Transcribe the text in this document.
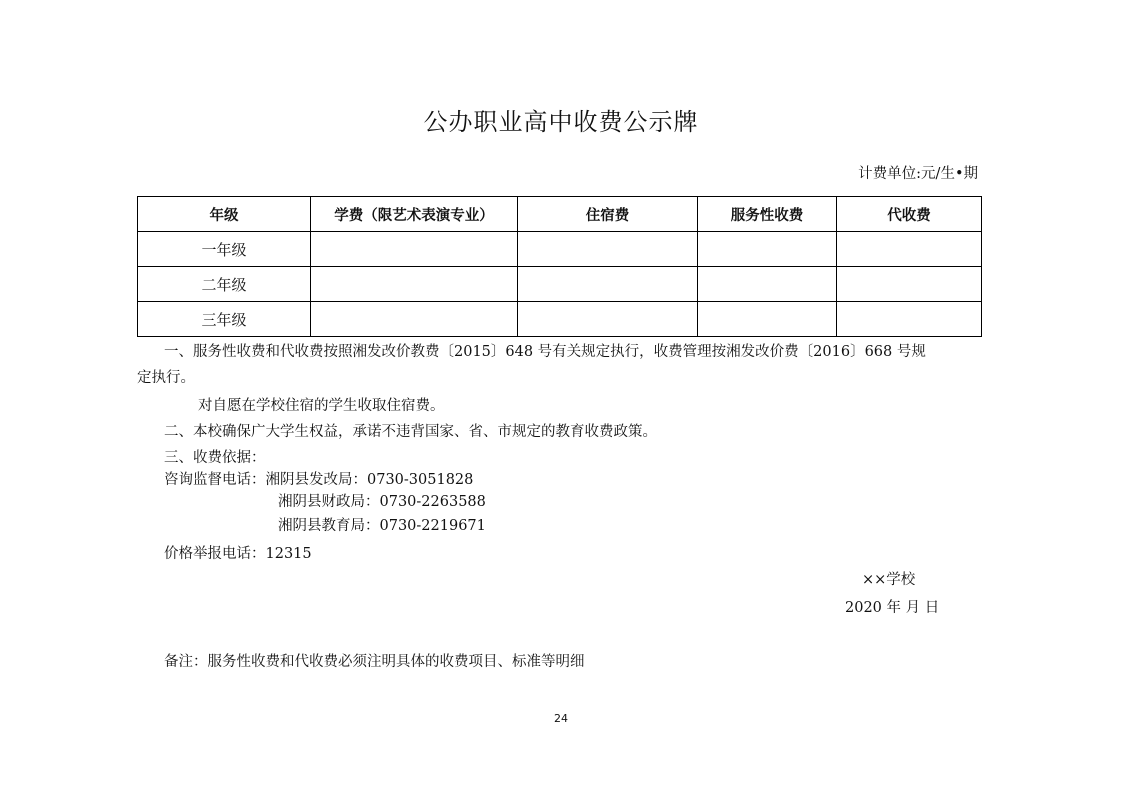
公办职业高中收费公示牌
计费单位:元/生•期
年级	学费（限艺术表演专业）	住宿费	服务性收费	代收费
一年级				
二年级				
三年级				
一、服务性收费和代收费按照湘发改价教费〔2015〕648 号有关规定执行，收费管理按湘发改价费〔2016〕668 号规
定执行。
对自愿在学校住宿的学生收取住宿费。
二、本校确保广大学生权益，承诺不违背国家、省、市规定的教育收费政策。
三、收费依据：
咨询监督电话：湘阴县发改局：0730-3051828
湘阴县财政局：0730-2263588
湘阴县教育局：0730-2219671
价格举报电话：12315
××学校
2020 年 月 日
备注：服务性收费和代收费必须注明具体的收费项目、标准等明细
24
